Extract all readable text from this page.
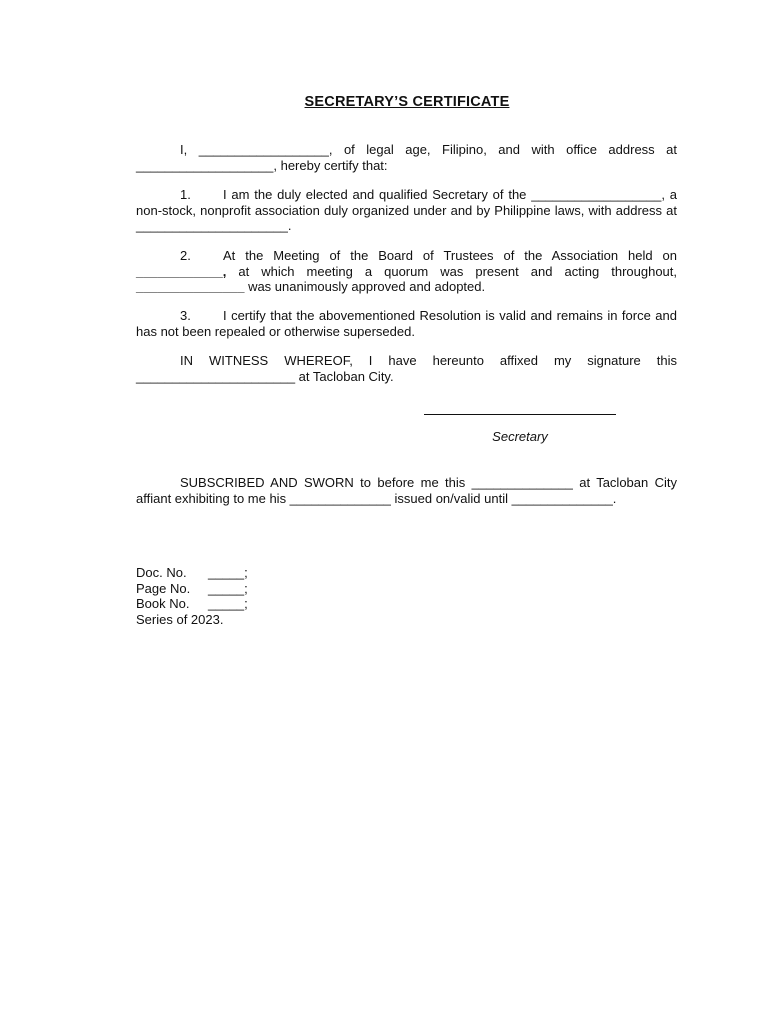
SECRETARY’S CERTIFICATE
I, __________________, of legal age, Filipino, and with office address at ___________________, hereby certify that:
1. I am the duly elected and qualified Secretary of the __________________, a non-stock, nonprofit association duly organized under and by Philippine laws, with address at _____________________.
2. At the Meeting of the Board of Trustees of the Association held on ____________, at which meeting a quorum was present and acting throughout, _______________ was unanimously approved and adopted.
3. I certify that the abovementioned Resolution is valid and remains in force and has not been repealed or otherwise superseded.
IN WITNESS WHEREOF, I have hereunto affixed my signature this ______________________ at Tacloban City.
Secretary
SUBSCRIBED AND SWORN to before me this ______________ at Tacloban City affiant exhibiting to me his ______________ issued on/valid until ______________.
Doc. No.	_____;
Page No.	_____;
Book No.	_____;
Series of 2023.
